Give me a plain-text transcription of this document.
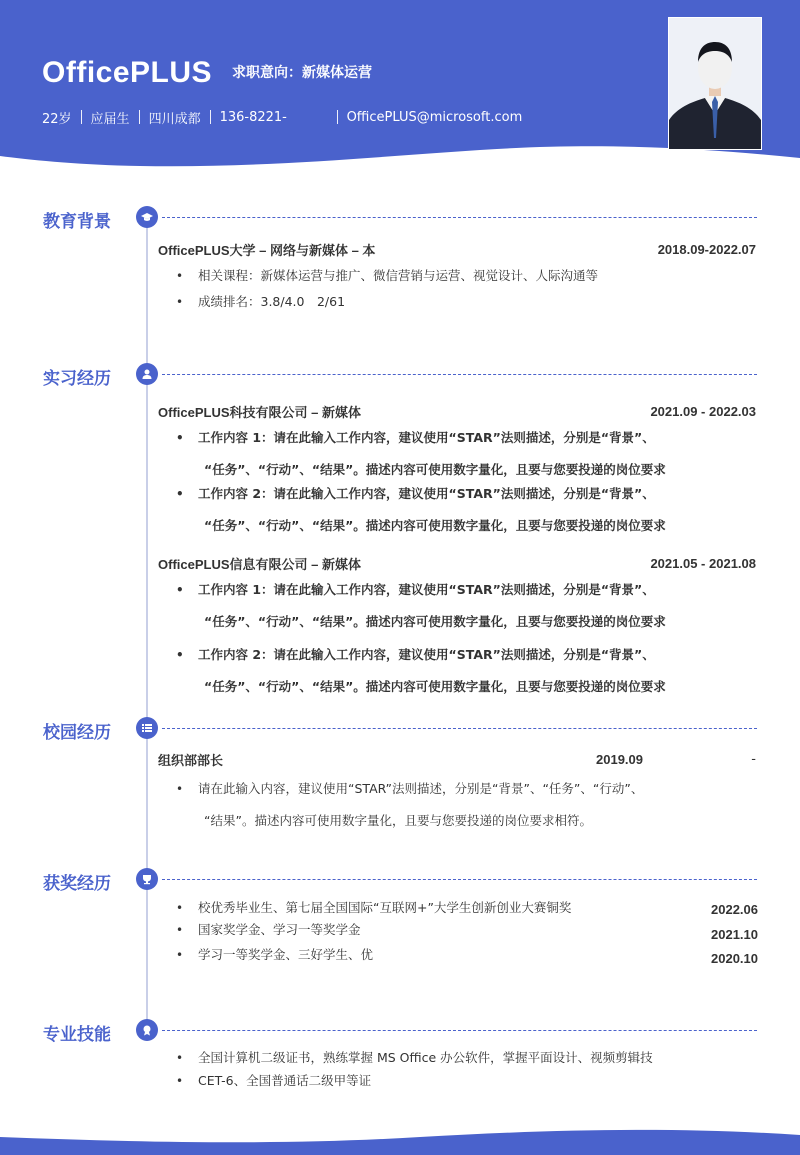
OfficePLUS 求职意向：新媒体运营
22岁 应届生 四川成都 136-8221-	OfficePLUS@microsoft.com
教育背景
OfficePLUS大学 – 网络与新媒体 – 本	2018.09-2022.07
• 相关课程：新媒体运营与推广、微信营销与运营、视觉设计、人际沟通等
• 成绩排名：3.8/4.0　2/61
实习经历
OfficePLUS科技有限公司 – 新媒体	2021.09 - 2022.03
• 工作内容 1：请在此输入工作内容，建议使用“STAR”法则描述，分别是“背景”、
“任务”、“行动”、“结果”。描述内容可使用数字量化，且要与您要投递的岗位要求
• 工作内容 2：请在此输入工作内容，建议使用“STAR”法则描述，分别是“背景”、
“任务”、“行动”、“结果”。描述内容可使用数字量化，且要与您要投递的岗位要求
OfficePLUS信息有限公司 – 新媒体	2021.05 - 2021.08
• 工作内容 1：请在此输入工作内容，建议使用“STAR”法则描述，分别是“背景”、
“任务”、“行动”、“结果”。描述内容可使用数字量化，且要与您要投递的岗位要求
• 工作内容 2：请在此输入工作内容，建议使用“STAR”法则描述，分别是“背景”、
“任务”、“行动”、“结果”。描述内容可使用数字量化，且要与您要投递的岗位要求
校园经历
组织部部长	2019.09	-
• 请在此输入内容，建议使用“STAR”法则描述，分别是“背景”、“任务”、“行动”、
“结果”。描述内容可使用数字量化，且要与您要投递的岗位要求相符。
获奖经历
• 校优秀毕业生、第七届全国国际“互联网+”大学生创新创业大赛铜奖	2022.06
• 国家奖学金、学习一等奖学金	2021.10
• 学习一等奖学金、三好学生、优	2020.10
专业技能
• 全国计算机二级证书，熟练掌握 MS Office 办公软件，掌握平面设计、视频剪辑技
• CET-6、全国普通话二级甲等证
